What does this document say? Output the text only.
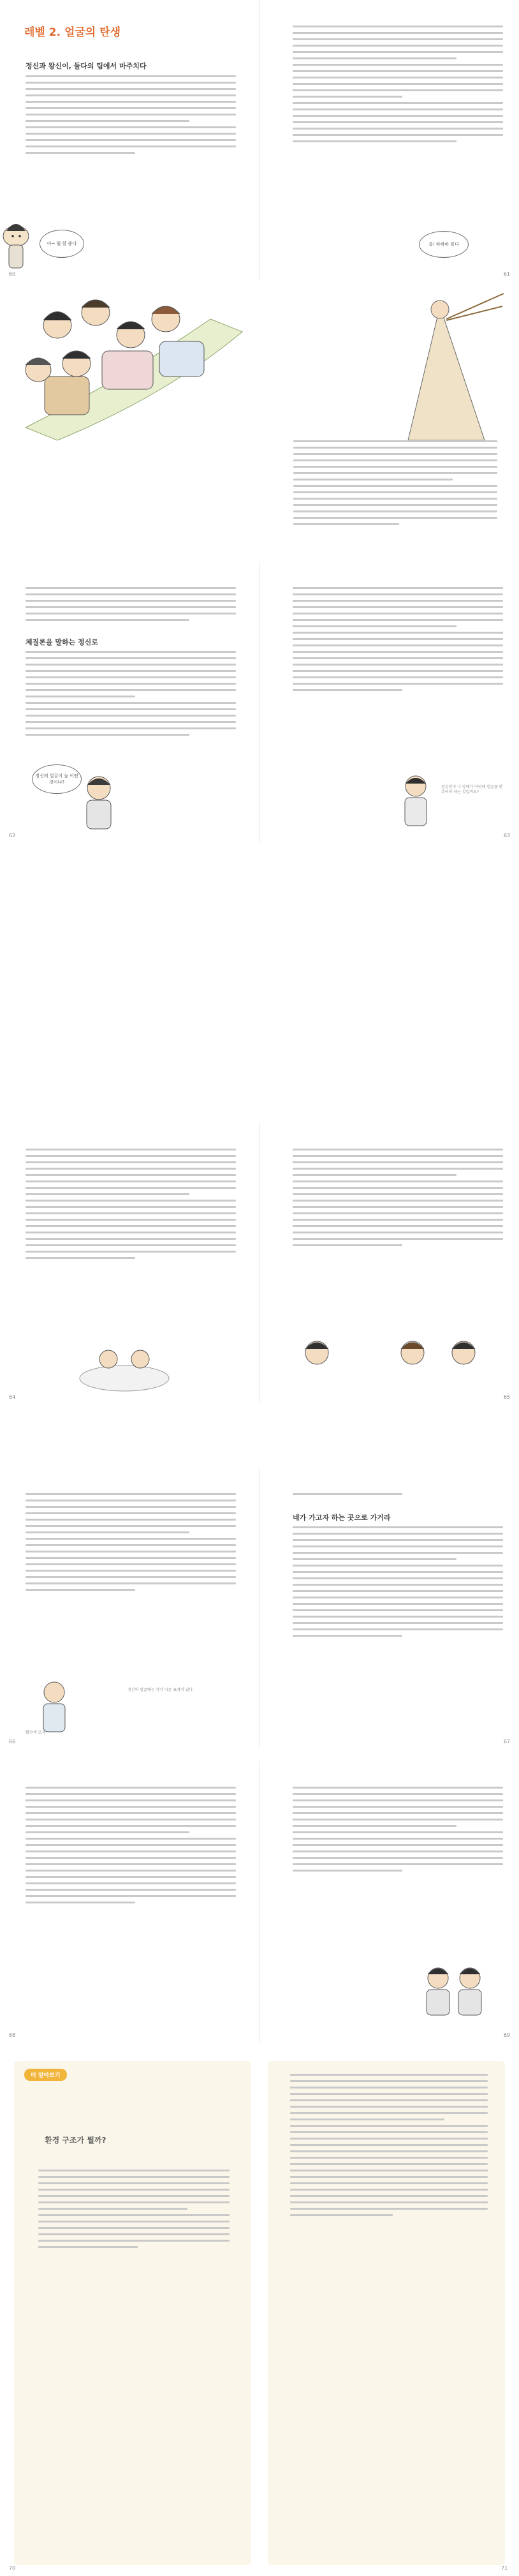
레벨 2. 얼굴의 탄생
정신과 왕신이, 둘다의 팀에서 마주치다
아~ 뭘 할 좋다
60
흥! 하하하 볼다
61
체질론을 말하는 정신로
정신의 얼굴이 늘 어떤 것이냐?
62
정신인이 나 장애가 아닌데 얼굴을 맞추어야 하는 것일까요?
63
64	65
정신의 얼굴에는 각각 다른 표정이 있다
빨간색 모자
66
네가 가고자 하는 곳으로 가거라
67
68	69
더 알아보기
환경 구조가 뭘까?
70	71
